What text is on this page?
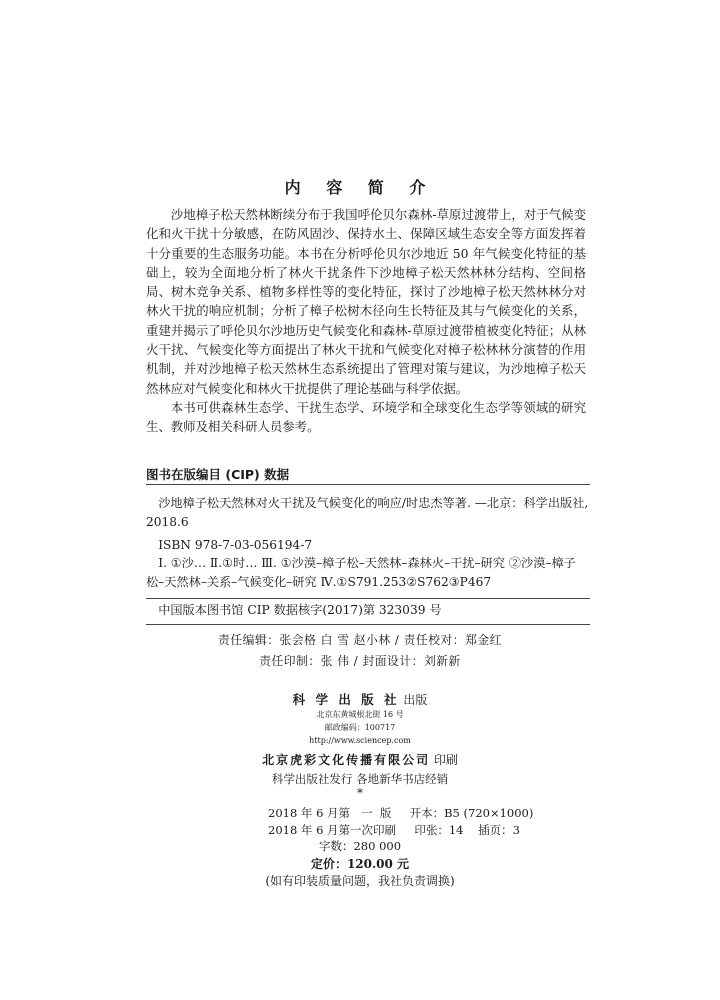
内 容 简 介

沙地樟子松天然林断续分布于我国呼伦贝尔森林-草原过渡带上，对于气候变化和火干扰十分敏感，在防风固沙、保持水土、保障区域生态安全等方面发挥着十分重要的生态服务功能。本书在分析呼伦贝尔沙地近 50 年气候变化特征的基础上，较为全面地分析了林火干扰条件下沙地樟子松天然林林分结构、空间格局、树木竞争关系、植物多样性等的变化特征，探讨了沙地樟子松天然林林分对林火干扰的响应机制；分析了樟子松树木径向生长特征及其与气候变化的关系，重建并揭示了呼伦贝尔沙地历史气候变化和森林-草原过渡带植被变化特征；从林火干扰、气候变化等方面提出了林火干扰和气候变化对樟子松林林分演替的作用机制，并对沙地樟子松天然林生态系统提出了管理对策与建议，为沙地樟子松天然林应对气候变化和林火干扰提供了理论基础与科学依据。

本书可供森林生态学、干扰生态学、环境学和全球变化生态学等领域的研究生、教师及相关科研人员参考。

图书在版编目 (CIP) 数据

沙地樟子松天然林对火干扰及气候变化的响应/时忠杰等著. —北京：科学出版社, 2018.6

ISBN 978-7-03-056194-7

Ⅰ. ①沙… Ⅱ.①时… Ⅲ. ①沙漠–樟子松–天然林–森林火–干扰–研究 ②沙漠–樟子松–天然林–关系–气候变化–研究 Ⅳ.①S791.253②S762③P467

中国版本图书馆 CIP 数据核字(2017)第 323039 号

责任编辑：张会格 白 雪 赵小林 / 责任校对：郑金红
责任印制：张 伟 / 封面设计：刘新新
科 学 出 版 社 出版
北京东黄城根北街 16 号
邮政编码：100717
http://www.sciencep.com
北京虎彩文化传播有限公司 印刷
科学出版社发行 各地新华书店经销
*
2018 年 6 月第   一  版     开本：B5 (720×1000)
2018 年 6 月第一次印刷     印张：14    插页：3
字数：280 000
定价：120.00 元
(如有印装质量问题，我社负责调换)
